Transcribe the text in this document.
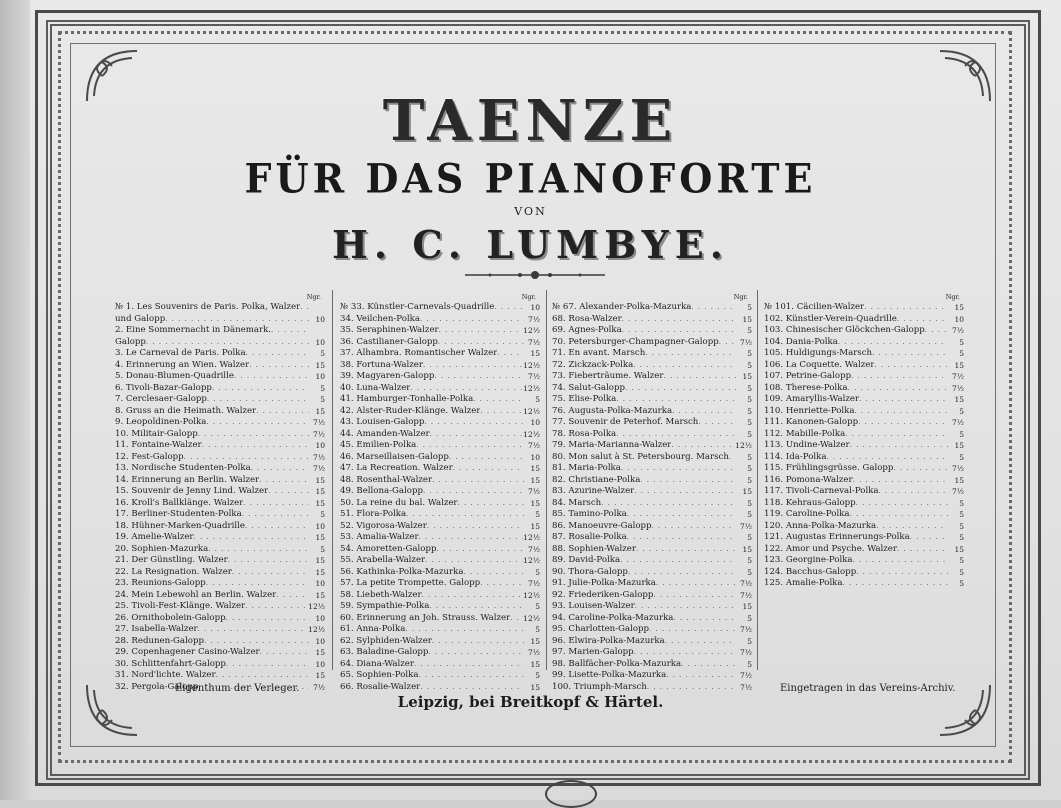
TAENZE
FÜR DAS PIANOFORTE
VON
H. C. LUMBYE.
Ngr.
№ 1. Les Souvenirs de Paris. Polka, Walzer
. . .
und Galopp . . .	10
2. Eine Sommernacht in Dänemark.
. . .
Galopp . . .	10
3. Le Carneval de Paris. Polka . . .	5
4. Erinnerung an Wien. Walzer . . .	15
5. Donau-Blumen-Quadrille . . .	10
6. Tivoli-Bazar-Galopp . . .	5
7. Cerclesaer-Galopp . . .	5
8. Gruss an die Heimath. Walzer . . .	15
9. Leopoldinen-Polka . . .	7½
10. Militair-Galopp . . .	7½
11. Fontaine-Walzer . . .	10
12. Fest-Galopp . . .	7½
13. Nordische Studenten-Polka . . .	7½
14. Erinnerung an Berlin. Walzer . . .	15
15. Souvenir de Jenny Lind. Walzer . . .	15
16. Kroll's Ballklänge. Walzer . . .	15
17. Berliner-Studenten-Polka . . .	5
18. Hühner-Marken-Quadrille . . .	10
19. Amelie-Walzer . . .	15
20. Sophien-Mazurka . . .	5
21. Der Günstling. Walzer . . .	15
22. La Resignation. Walzer . . .	15
23. Reunions-Galopp . . .	10
24. Mein Lebewohl an Berlin. Walzer . . .	15
25. Tivoli-Fest-Klänge. Walzer . . .	12½
26. Ornithobolein-Galopp . . .	10
27. Isabella-Walzer . . .	12½
28. Redunen-Galopp . . .	10
29. Copenhagener Casino-Walzer . . .	15
30. Schlittenfahrt-Galopp . . .	10
31. Nord'lichte. Walzer . . .	15
32. Pergola-Galopp . . .	7½
Ngr.
№ 33. Künstler-Carnevals-Quadrille . . .	10
34. Veilchen-Polka . . .	7½
35. Seraphinen-Walzer . . .	12½
36. Castilianer-Galopp . . .	7½
37. Alhambra. Romantischer Walzer . . .	15
38. Fortuna-Walzer . . .	12½
39. Magyaren-Galopp . . .	7½
40. Luna-Walzer . . .	12½
41. Hamburger-Tonhalle-Polka . . .	5
42. Alster-Ruder-Klänge. Walzer . . .	12½
43. Louisen-Galopp . . .	10
44. Amanden-Walzer . . .	12½
45. Emilien-Polka . . .	7½
46. Marseillaisen-Galopp . . .	10
47. La Recreation. Walzer . . .	15
48. Rosenthal-Walzer . . .	15
49. Bellona-Galopp . . .	7½
50. La reine du bal. Walzer . . .	15
51. Flora-Polka . . .	5
52. Vigorosa-Walzer . . .	15
53. Amalia-Walzer . . .	12½
54. Amoretten-Galopp . . .	7½
55. Arabella-Walzer . . .	12½
56. Kathinka-Polka-Mazurka . . .	5
57. La petite Trompette. Galopp . . .	7½
58. Liebeth-Walzer . . .	12½
59. Sympathie-Polka . . .	5
60. Erinnerung an Joh. Strauss. Walzer . . . 12½
61. Anna-Polka . . .	5
62. Sylphiden-Walzer . . .	15
63. Baladine-Galopp . . .	7½
64. Diana-Walzer . . .	15
65. Sophien-Polka . . .	5
66. Rosalie-Walzer . . .	15
Ngr.
№ 67. Alexander-Polka-Mazurka . . .	5
68. Rosa-Walzer . . .	15
69. Agnes-Polka . . .	5
70. Petersburger-Champagner-Galopp . . .	7½
71. En avant. Marsch . . .	5
72. Zickzack-Polka . . .	5
73. Fieberträume. Walzer . . .	15
74. Salut-Galopp . . .	5
75. Elise-Polka . . .	5
76. Augusta-Polka-Mazurka . . .	5
77. Souvenir de Peterhof. Marsch . . .	5
78. Rosa-Polka . . .	5
79. Maria-Marianna-Walzer . . .	12½
80. Mon salut à St. Petersbourg. Marsch . . .	5
81. Maria-Polka . . .	5
82. Christiane-Polka . . .	5
83. Azurine-Walzer . . .	15
84. Marsch . . .	5
85. Tamino-Polka . . .	5
86. Manoeuvre-Galopp . . .	7½
87. Rosalie-Polka . . .	5
88. Sophien-Walzer . . .	15
89. David-Polka . . .	5
90. Thora-Galopp . . .	5
91. Julie-Polka-Mazurka . . .	7½
92. Friederiken-Galopp . . .	7½
93. Louisen-Walzer . . .	15
94. Caroline-Polka-Mazurka . . .	5
95. Charlotten-Galopp . . .	7½
96. Elwira-Polka-Mazurka . . .	5
97. Marien-Galopp . . .	7½
98. Ballfächer-Polka-Mazurka . . .	5
99. Lisette-Polka-Mazurka . . .	7½
100. Triumph-Marsch . . .	7½
Ngr.
№ 101. Cäcilien-Walzer . . .	15
102. Künstler-Verein-Quadrille . . .	10
103. Chinesischer Glöckchen-Galopp . . .	7½
104. Dania-Polka . . .	5
105. Huldigungs-Marsch . . .	5
106. La Coquette. Walzer . . .	15
107. Petrine-Galopp . . .	7½
108. Therese-Polka . . .	7½
109. Amaryllis-Walzer . . .	15
110. Henriette-Polka . . .	5
111. Kanonen-Galopp . . .	7½
112. Mabille-Polka . . .	5
113. Undine-Walzer . . .	15
114. Ida-Polka . . .	5
115. Frühlingsgrüsse. Galopp . . .	7½
116. Pomona-Walzer . . .	15
117. Tivoli-Carneval-Polka . . .	7½
118. Kehraus-Galopp . . .	5
119. Caroline-Polka . . .	5
120. Anna-Polka-Mazurka . . .	5
121. Augustas Erinnerungs-Polka . . .	5
122. Amor und Psyche. Walzer . . .	15
123. Georgine-Polka . . .	5
124. Bacchus-Galopp . . .	5
125. Amalie-Polka . . .	5
Eigenthum der Verleger.
Leipzig, bei Breitkopf & Härtel.
Eingetragen in das Vereins-Archiv.
